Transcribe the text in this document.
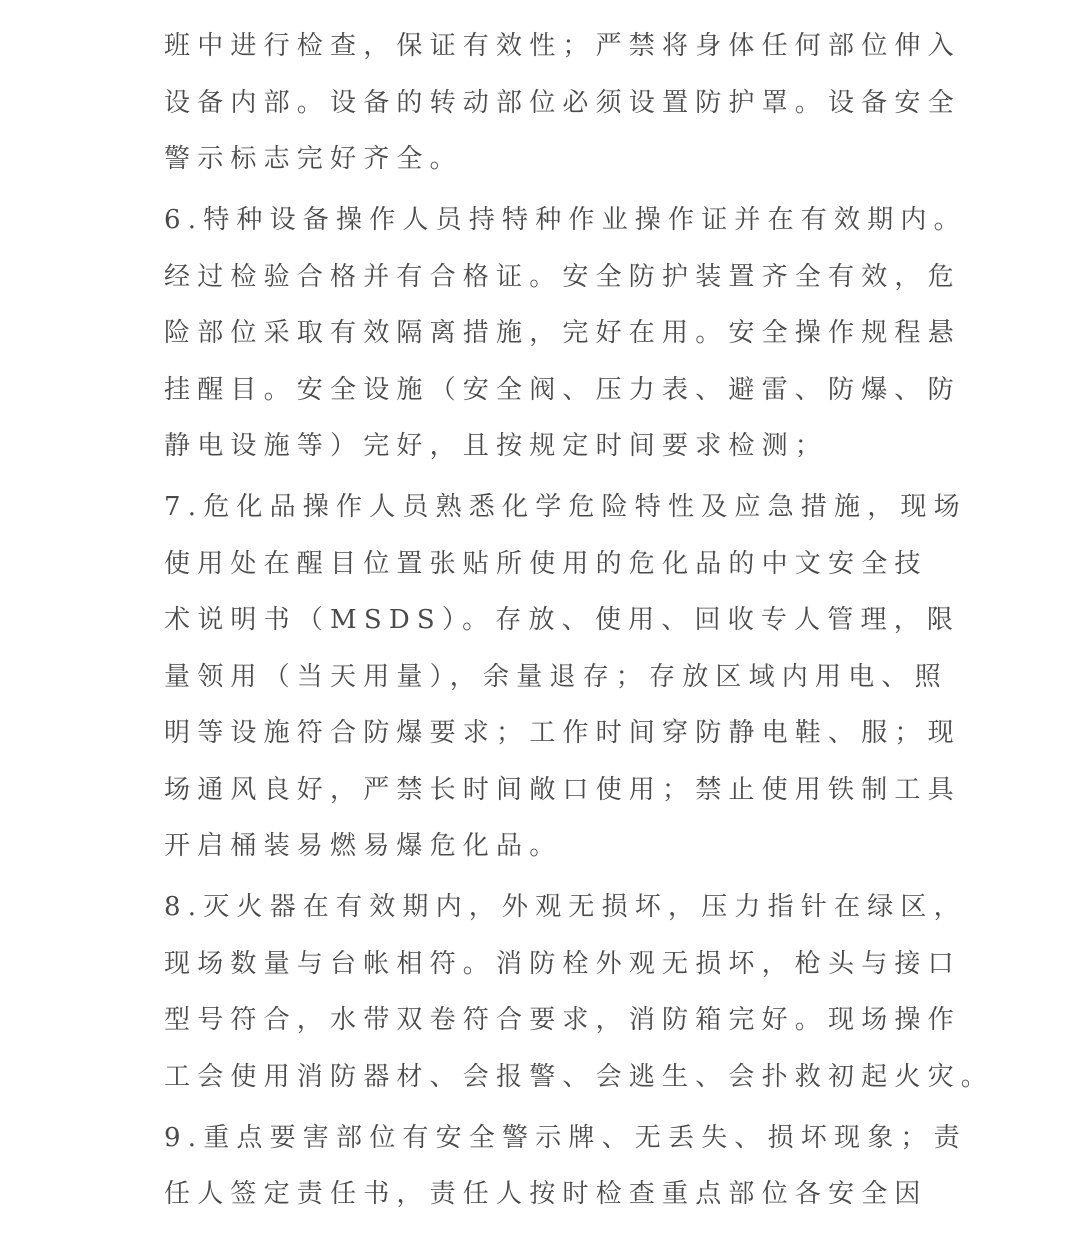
班中进行检查，保证有效性；严禁将身体任何部位伸入
设备内部。设备的转动部位必须设置防护罩。设备安全
警示标志完好齐全。
6.特种设备操作人员持特种作业操作证并在有效期内。
经过检验合格并有合格证。安全防护装置齐全有效，危
险部位采取有效隔离措施，完好在用。安全操作规程悬
挂醒目。安全设施（安全阀、压力表、避雷、防爆、防
静电设施等）完好，且按规定时间要求检测；
7.危化品操作人员熟悉化学危险特性及应急措施，现场
使用处在醒目位置张贴所使用的危化品的中文安全技
术说明书（MSDS）。存放、使用、回收专人管理，限
量领用（当天用量），余量退存；存放区域内用电、照
明等设施符合防爆要求；工作时间穿防静电鞋、服；现
场通风良好，严禁长时间敞口使用；禁止使用铁制工具
开启桶装易燃易爆危化品。
8.灭火器在有效期内，外观无损坏，压力指针在绿区，
现场数量与台帐相符。消防栓外观无损坏，枪头与接口
型号符合，水带双卷符合要求，消防箱完好。现场操作
工会使用消防器材、会报警、会逃生、会扑救初起火灾。
9.重点要害部位有安全警示牌、无丢失、损坏现象；责
任人签定责任书，责任人按时检查重点部位各安全因
